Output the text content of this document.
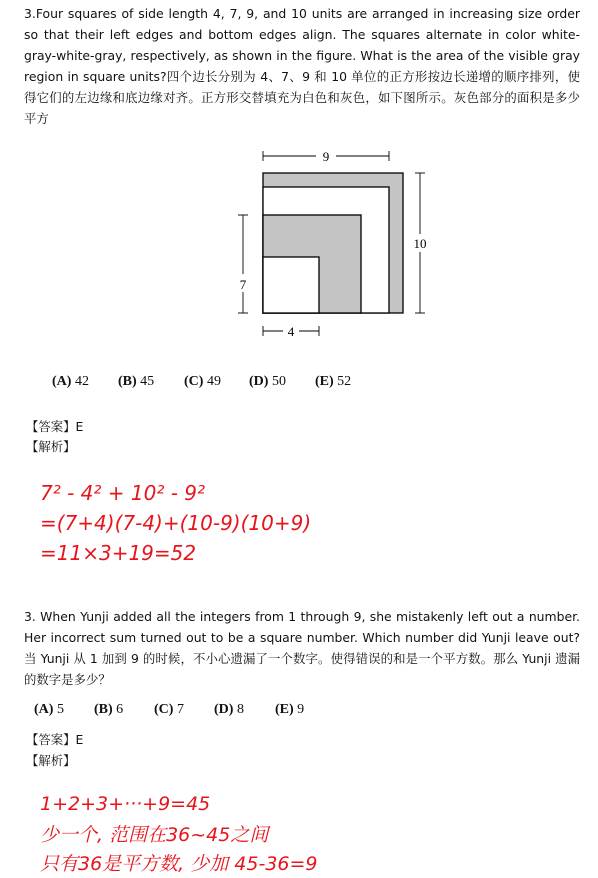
3.Four squares of side length 4, 7, 9, and 10 units are arranged in increasing size order so that their left edges and bottom edges align. The squares alternate in color white-gray-white-gray, respectively, as shown in the figure. What is the area of the visible gray region in square units?四个边长分别为 4、7、9 和 10 单位的正方形按边长递增的顺序排列，使得它们的左边缘和底边缘对齐。正方形交替填充为白色和灰色，如下图所示。灰色部分的面积是多少平方
9
10
7
4
(A) 42 (B) 45 (C) 49 (D) 50 (E) 52
【答案】E
【解析】
7² - 4² + 10² - 9²
=(7+4)(7-4)+(10-9)(10+9)
=11×3+19=52
3. When Yunji added all the integers from 1 through 9, she mistakenly left out a number. Her incorrect sum turned out to be a square number. Which number did Yunji leave out?当 Yunji 从 1 加到 9 的时候，不小心遗漏了一个数字。使得错误的和是一个平方数。那么 Yunji 遗漏的数字是多少？
(A) 5 (B) 6 (C) 7 (D) 8 (E) 9
【答案】E
【解析】
1+2+3+···+9=45
少一个, 范围在36~45之间
只有36是平方数, 少加 45-36=9
